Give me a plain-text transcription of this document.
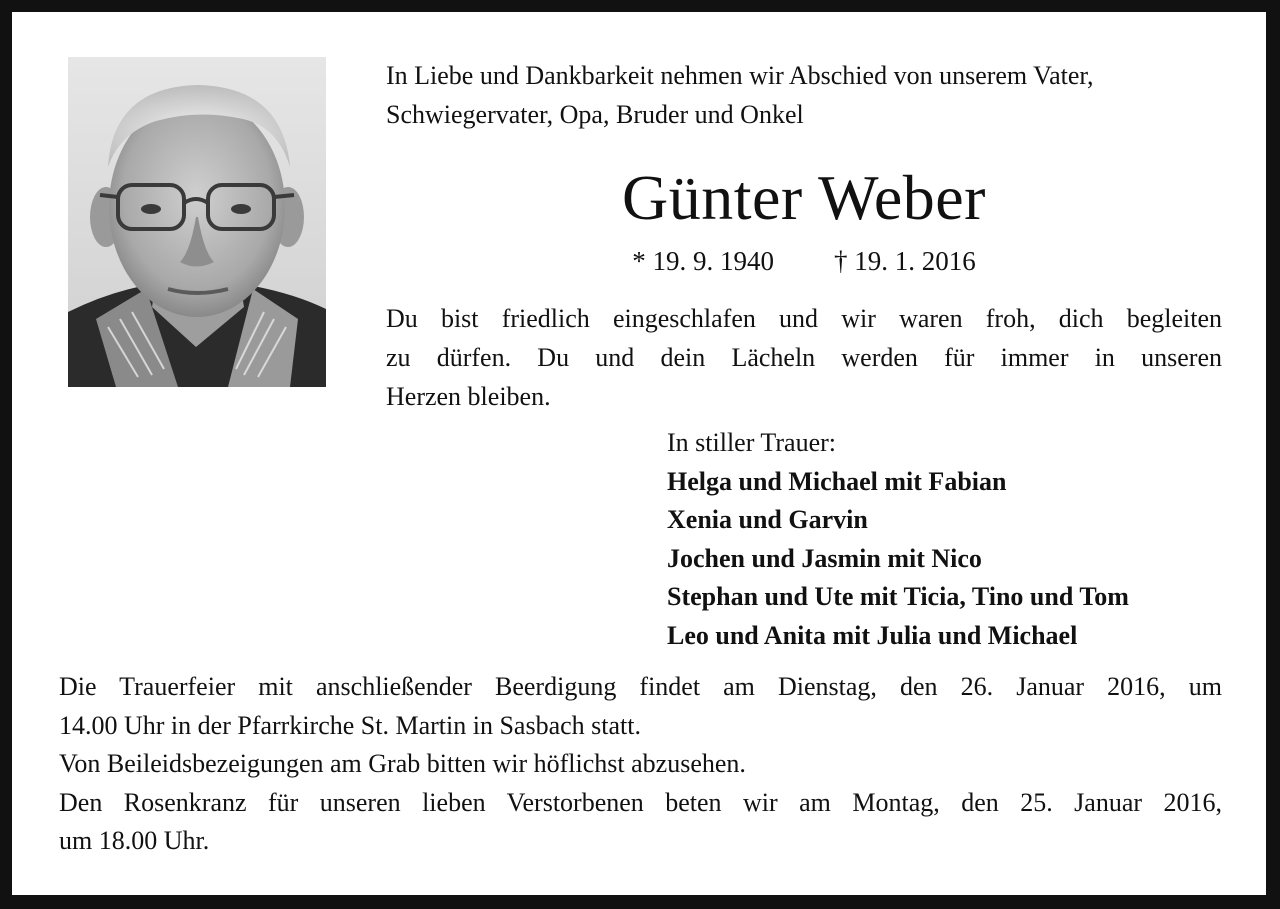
In Liebe und Dankbarkeit nehmen wir Abschied von unserem Vater,
Schwiegervater, Opa, Bruder und Onkel
Günter Weber
* 19. 9. 1940 † 19. 1. 2016
Du bist friedlich eingeschlafen und wir waren froh, dich begleiten
zu dürfen. Du und dein Lächeln werden für immer in unseren
Herzen bleiben.
In stiller Trauer:
Helga und Michael mit Fabian
Xenia und Garvin
Jochen und Jasmin mit Nico
Stephan und Ute mit Ticia, Tino und Tom
Leo und Anita mit Julia und Michael
Die Trauerfeier mit anschließender Beerdigung findet am Dienstag, den 26. Januar 2016, um
14.00 Uhr in der Pfarrkirche St. Martin in Sasbach statt.
Von Beileidsbezeigungen am Grab bitten wir höflichst abzusehen.
Den Rosenkranz für unseren lieben Verstorbenen beten wir am Montag, den 25. Januar 2016,
um 18.00 Uhr.
